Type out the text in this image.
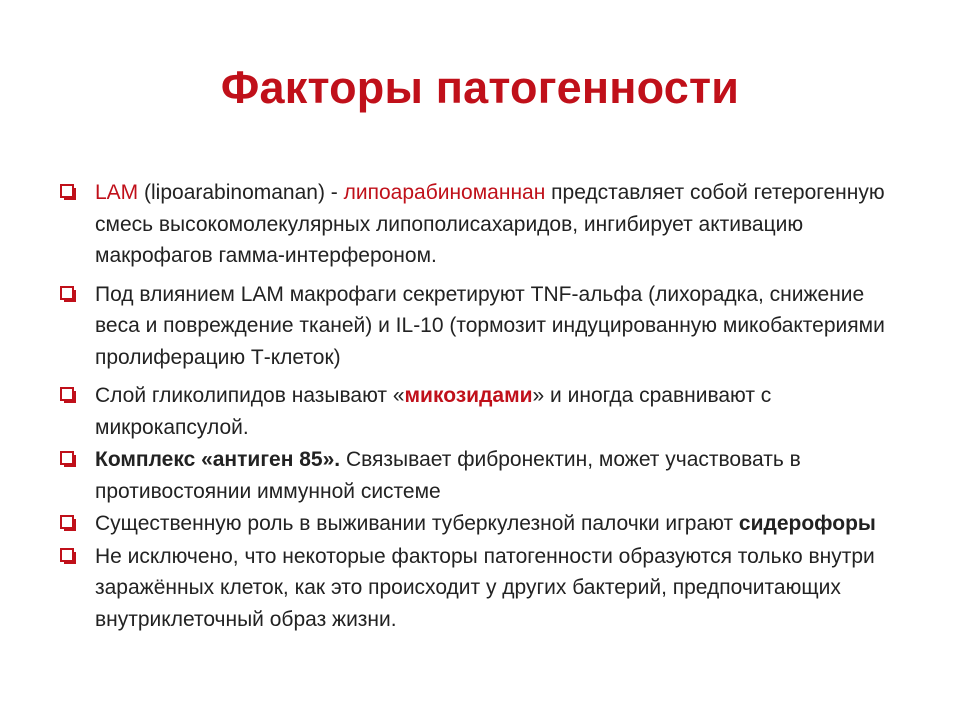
Факторы патогенности
LAM (lipoarabinomanan) - липоарабиноманнан представляет собой гетерогенную смесь высокомолекулярных липополисахаридов, ингибирует активацию макрофагов гамма-интерфероном.
Под влиянием LAM макрофаги секретируют TNF-альфа (лихорадка, снижение веса и повреждение тканей) и IL-10 (тормозит индуцированную микобактериями пролиферацию Т-клеток)
Слой гликолипидов называют «микозидами» и иногда сравнивают с микрокапсулой.
Комплекс «антиген 85». Связывает фибронектин, может участвовать в противостоянии иммунной системе
Существенную роль в выживании туберкулезной палочки играют сидерофоры
Не исключено, что некоторые факторы патогенности образуются только внутри заражённых клеток, как это происходит у других бактерий, предпочитающих внутриклеточный образ жизни.
